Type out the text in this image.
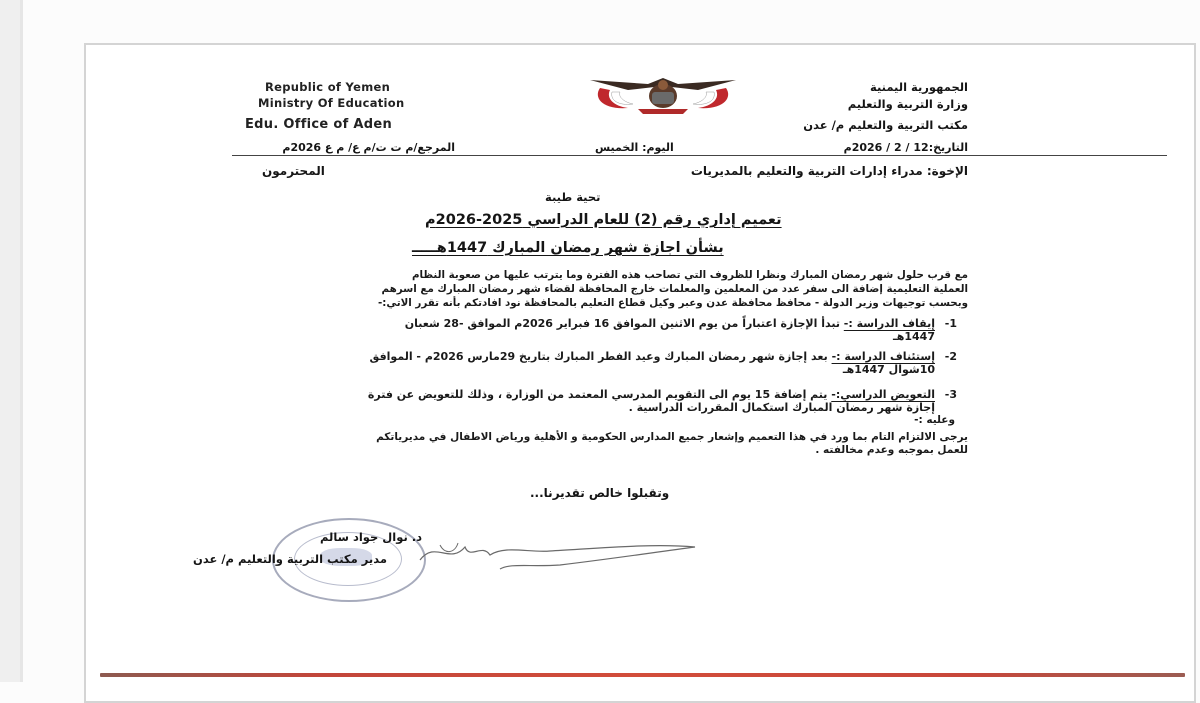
Republic of Yemen
Ministry Of Education
Edu. Office of Aden
المرجع/م ت ت/م ع/ م ع 2026م
الجمهورية اليمنية
وزارة التربية والتعليم
مكتب التربية والتعليم م/ عدن
التاريخ:12 / 2 / 2026م
اليوم: الخميس
الإخوة: مدراء إدارات التربية والتعليم بالمديريات
المحترمون
تحية طيبة
تعميم إداري رقم (2) للعام الدراسي 2025-2026م
بشأن اجازة شهر رمضان المبارك 1447هـــــ
مع قرب حلول شهر رمضان المبارك ونظرا للظروف التي تصاحب هذه الفترة وما يترتب عليها من صعوبة النظام
العملية التعليمية إضافة الى سفر عدد من المعلمين والمعلمات خارج المحافظة لقضاء شهر رمضان المبارك مع اسرهم
وبحسب توجيهات وزير الدولة - محافظ محافظة عدن وعبر وكيل قطاع التعليم بالمحافظة نود افادتكم بأنه تقرر الاتي:-
1-
إيقاف الدراسة :- تبدأ الإجازة اعتباراً من يوم الاثنين الموافق 16 فبراير 2026م الموافق -28 شعبان
1447هـ
2-
إستئناف الدراسة :- بعد إجازة شهر رمضان المبارك وعيد الفطر المبارك بتاريخ 29مارس 2026م - الموافق
10شوال 1447هـ
3-
التعويض الدراسي:- يتم إضافة 15 يوم الى التقويم المدرسي المعتمد من الوزارة ، وذلك للتعويض عن فترة
إجازة شهر رمضان المبارك استكمال المقررات الدراسية .
وعليه :-
يرجى الالتزام التام بما ورد في هذا التعميم وإشعار جميع المدارس الحكومية و الأهلية ورياض الاطفال في مديرياتكم
للعمل بموجبه وعدم مخالفته .
وتقبلوا خالص تقديرنا...
د. نوال جواد سالم
مدير مكتب التربية والتعليم م/ عدن
